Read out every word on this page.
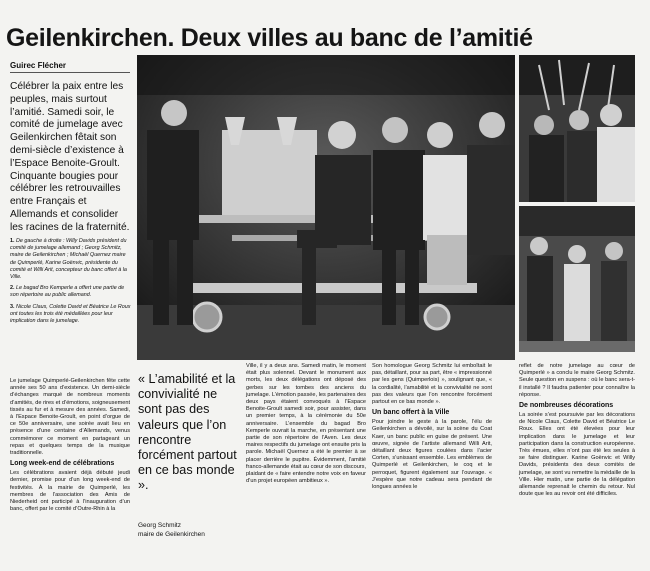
Geilenkirchen. Deux villes au banc de l’amitié
Guirec Flécher
Célébrer la paix entre les peuples, mais surtout l’amitié. Samedi soir, le comité de jumelage avec Geilenkirchen fêtait son demi-siècle d’existence à l’Espace Benoite-Groult. Cinquante bougies pour célébrer les retrouvailles entre Français et Allemands et consolider les racines de la fraternité.

1. De gauche à droite : Willy Davids président du comité de jumelage allemand ; Georg Schmitz, maire de Geilenkirchen ; Michaël Quernez maire de Quimperlé, Karine Goënvic, présidente du comité et Willi Arit, concepteur du banc offert à la Ville.

2. Le bagad Bro Kemperle a offert une partie de son répertoire au public allemand.

3. Nicole Claus, Colette David et Béatrice Le Roux ont toutes les trois été médaillées pour leur implication dans le jumelage.

Le jumelage Quimperlé-Geilenkirchen fête cette année ses 50 ans d’existence. Un demi-siècle d’échanges marqué de nombreux moments d’amitiés, de rires et d’émotions, soigneusement tissés au fur et à mesure des années. Samedi, à l’Espace Benoite-Groult, en point d’orgue de ce 50e anniversaire, une soirée avait lieu en présence d’une centaine d’Allemands, venus commémorer ce moment en partageant un repas et quelques temps de la musique traditionnelle.

Long week-end de célébrations

Les célébrations avaient déjà débuté jeudi dernier, promise pour d’un long week-end de festivités. À la mairie de Quimperlé, les membres de l’association des Amis de Niederheid ont participé à l’inauguration d’un banc, offert par le comité d’Outre-Rhin à la

« L’amabilité et la convivialité ne sont pas des valeurs que l’on rencontre forcément partout en ce bas monde ».
Georg Schmitz
maire de Geilenkirchen

Ville, il y a deux ans. Samedi matin, le moment était plus solennel. Devant le monument aux morts, les deux délégations ont déposé des gerbes sur les tombes des anciens du jumelage. L’émotion passée, les partenaires des deux pays étaient convoqués à l’Espace Benoite-Groult samedi soir, pour assister, dans un premier temps, à la cérémonie du 50e anniversaire. L’ensemble du bagad Bro Kemperle ouvrait la marche, en présentant une partie de son répertoire de l’Aven. Les deux maires respectifs du jumelage ont ensuite pris la parole. Michaël Quernez a été le premier à se placer derrière le pupitre. Évidemment, l’amitié franco-allemande était au cœur de son discours, plaidant de « faire entendre notre voix en faveur d’un projet européen ambitieux ».

Son homologue Georg Schmitz lui emboîtait le pas, détaillant, pour sa part, être « impressionné par les gens (Quimperlois) », soulignant que, « la cordialité, l’amabilité et la convivialité ne sont pas des valeurs que l’on rencontre forcément partout en ce bas monde ».

Un banc offert à la Ville

Pour joindre le geste à la parole, l’élu de Geilenkirchen a dévoilé, sur la scène du Coat Kaer, un banc public en guise de présent. Une œuvre, signée de l’artiste allemand Willi Arit, détaillant deux figures coulées dans l’acier Corten, s’unissant ensemble. Les emblèmes de Quimperlé et Geilenkirchen, le coq et le perroquet, figurent également sur l’ouvrage. « J’espère que notre cadeau sera pendant de longues années le

reflet de notre jumelage au cœur de Quimperlé » a conclu le maire Georg Schmitz. Seule question en suspens : où le banc sera-t-il installé ? Il faudra patienter pour connaître la réponse.

De nombreuses décorations

La soirée s’est poursuivie par les décorations de Nicole Claus, Colette David et Béatrice Le Roux. Elles ont été élevées pour leur implication dans le jumelage et leur participation dans la construction européenne. Très émues, elles n’ont pas été les seules à se faire distinguer. Karine Goënvic et Willy Davids, présidents des deux comités de jumelage, se sont vu remettre la médaille de la Ville. Hier matin, une partie de la délégation allemande reprenait le chemin du retour. Nul doute que les au revoir ont été difficiles.
